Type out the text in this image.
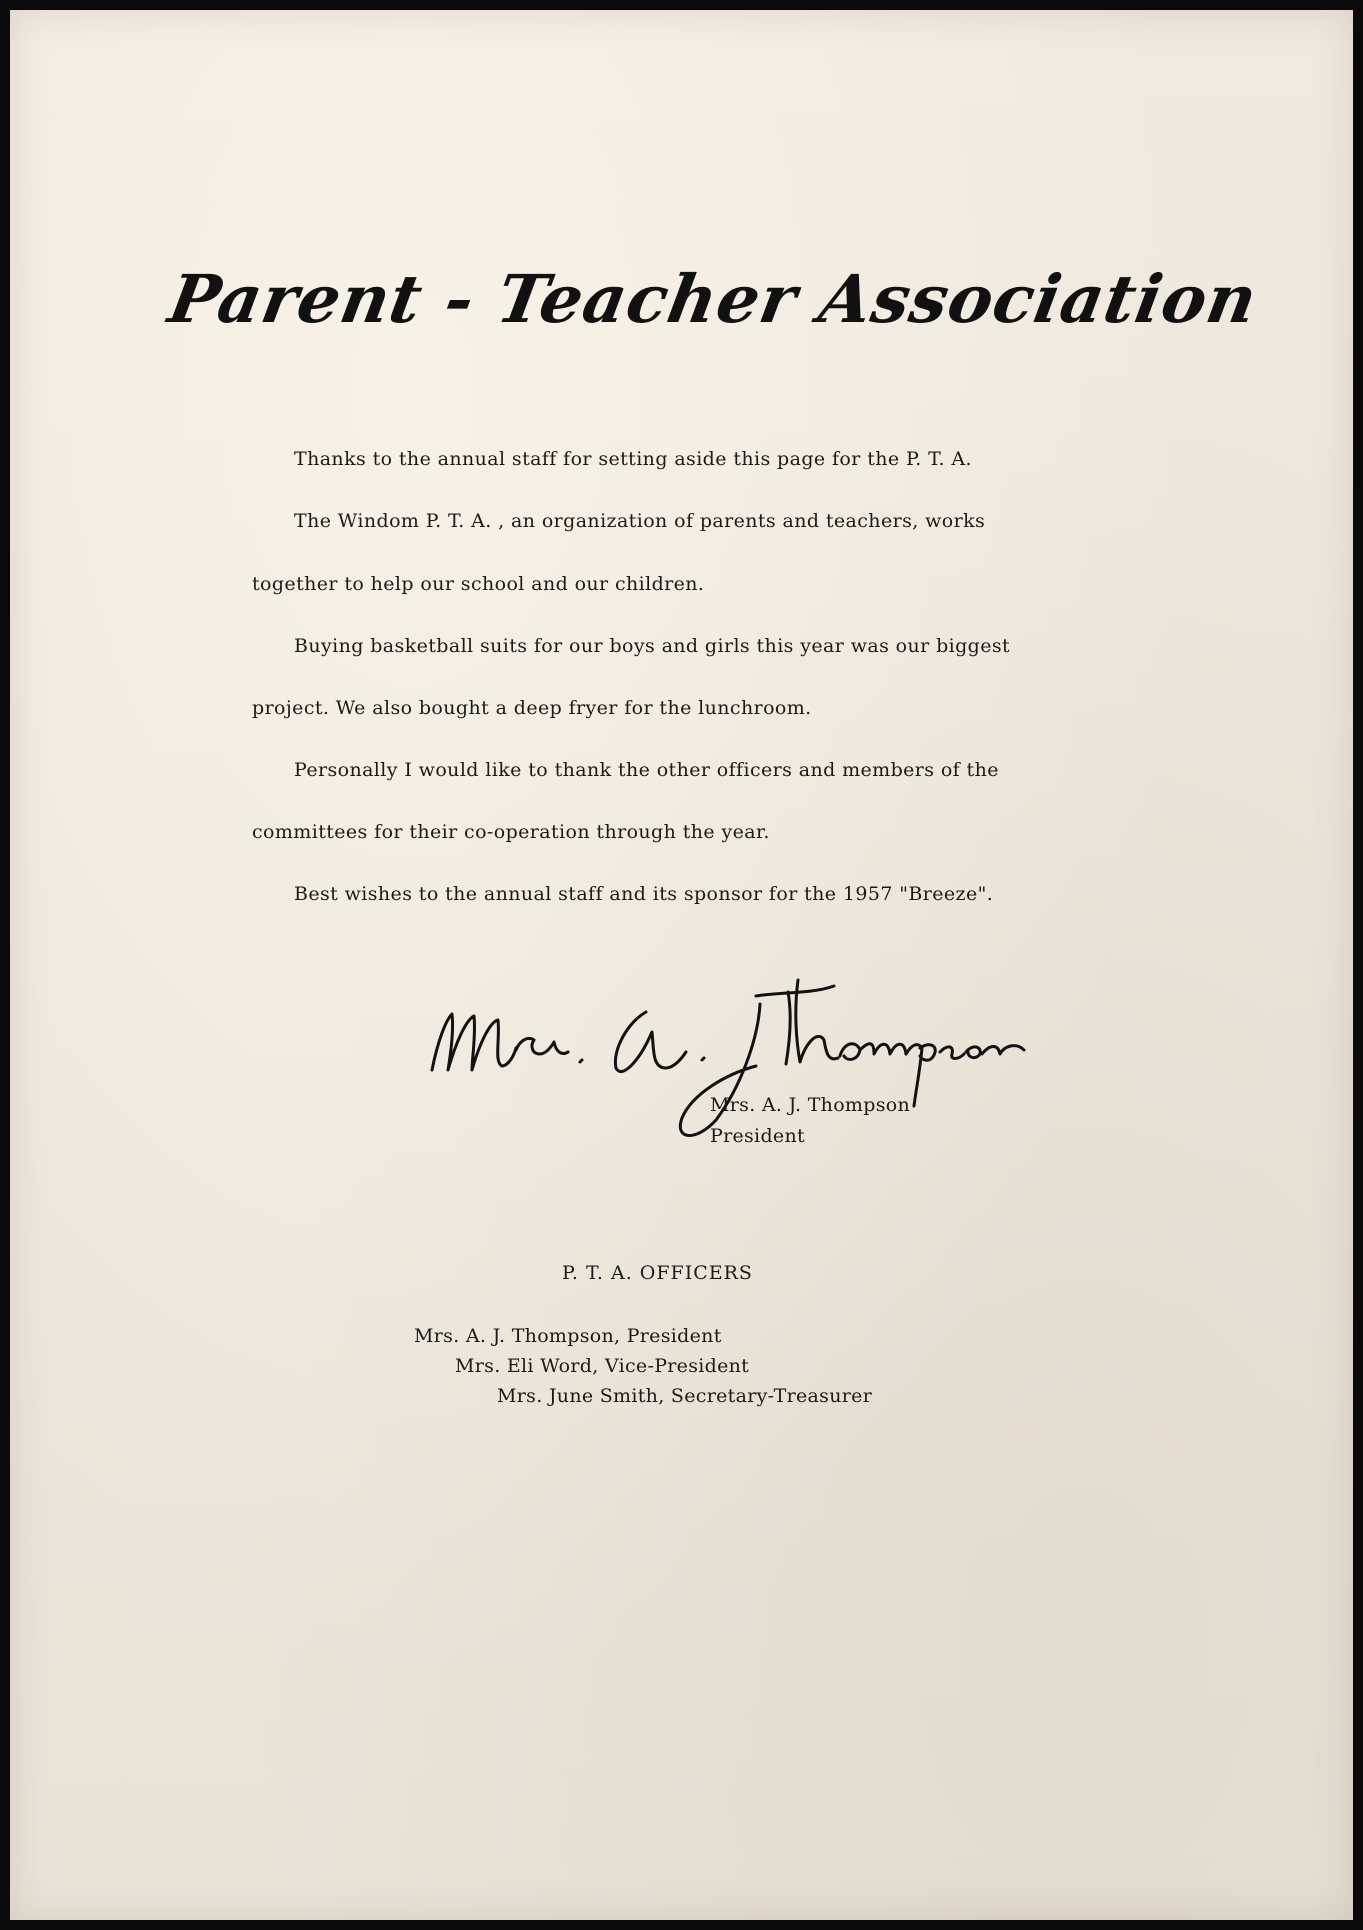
Parent - Teacher Association
Thanks to the annual staff for setting aside this page for the P. T. A.
The Windom P. T. A. , an organization of parents and teachers, works
together to help our school and our children.
Buying basketball suits for our boys and girls this year was our biggest
project. We also bought a deep fryer for the lunchroom.
Personally I would like to thank the other officers and members of the
committees for their co-operation through the year.
Best wishes to the annual staff and its sponsor for the 1957 "Breeze".
Mrs. A. J. Thompson
President
P. T. A. OFFICERS
Mrs. A. J. Thompson, President
Mrs. Eli Word, Vice-President
Mrs. June Smith, Secretary-Treasurer
